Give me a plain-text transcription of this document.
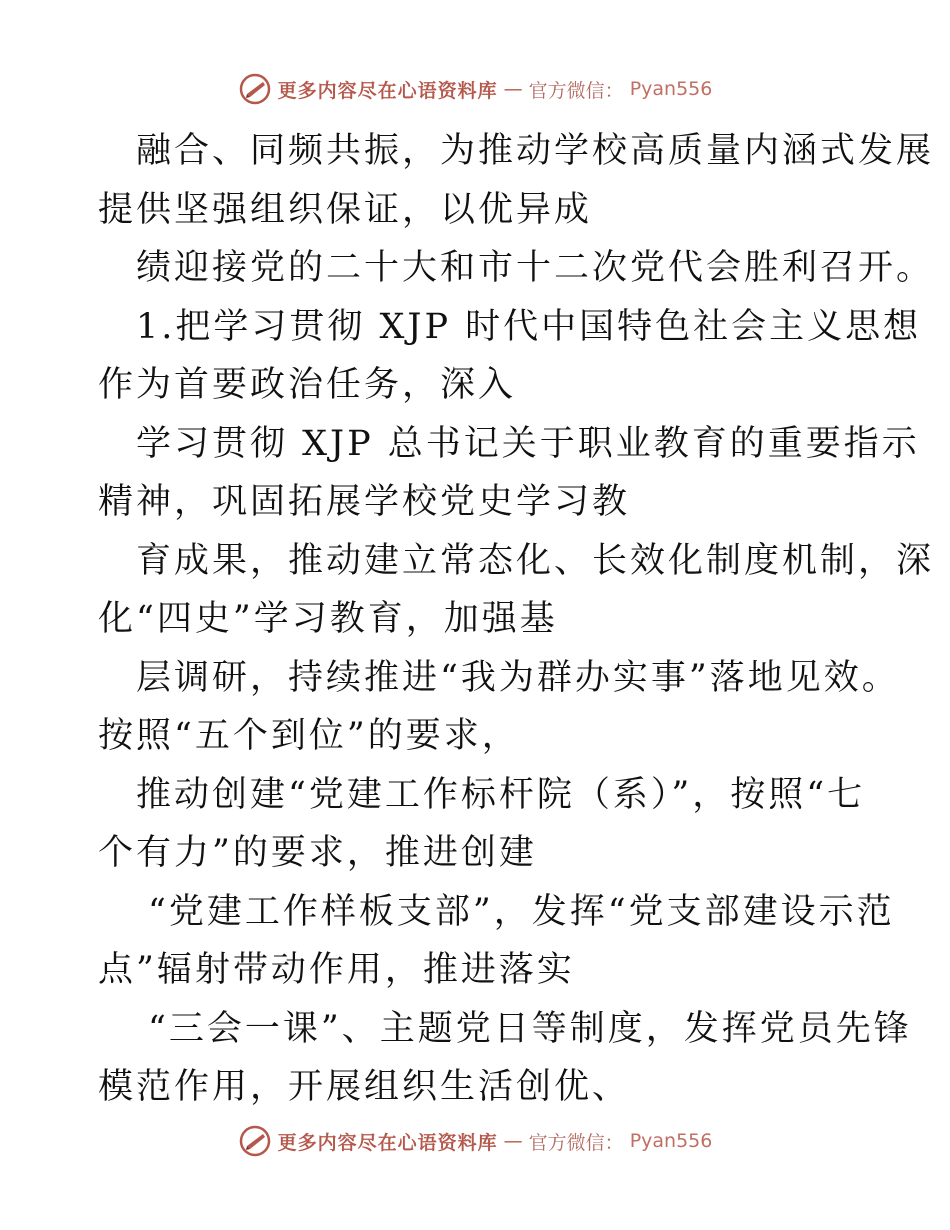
更多内容尽在心语资料库 — 官方微信： Pyan556
融合、同频共振，为推动学校高质量内涵式发展
提供坚强组织保证，以优异成
绩迎接党的二十大和市十二次党代会胜利召开。
1.把学习贯彻 XJP 时代中国特色社会主义思想
作为首要政治任务，深入
学习贯彻 XJP 总书记关于职业教育的重要指示
精神，巩固拓展学校党史学习教
育成果，推动建立常态化、长效化制度机制，深
化“四史”学习教育，加强基
层调研，持续推进“我为群办实事”落地见效。
按照“五个到位”的要求，
推动创建“党建工作标杆院（系）”，按照“七
个有力”的要求，推进创建
“党建工作样板支部”，发挥“党支部建设示范
点”辐射带动作用，推进落实
“三会一课”、主题党日等制度，发挥党员先锋
模范作用，开展组织生活创优、
更多内容尽在心语资料库 — 官方微信： Pyan556
